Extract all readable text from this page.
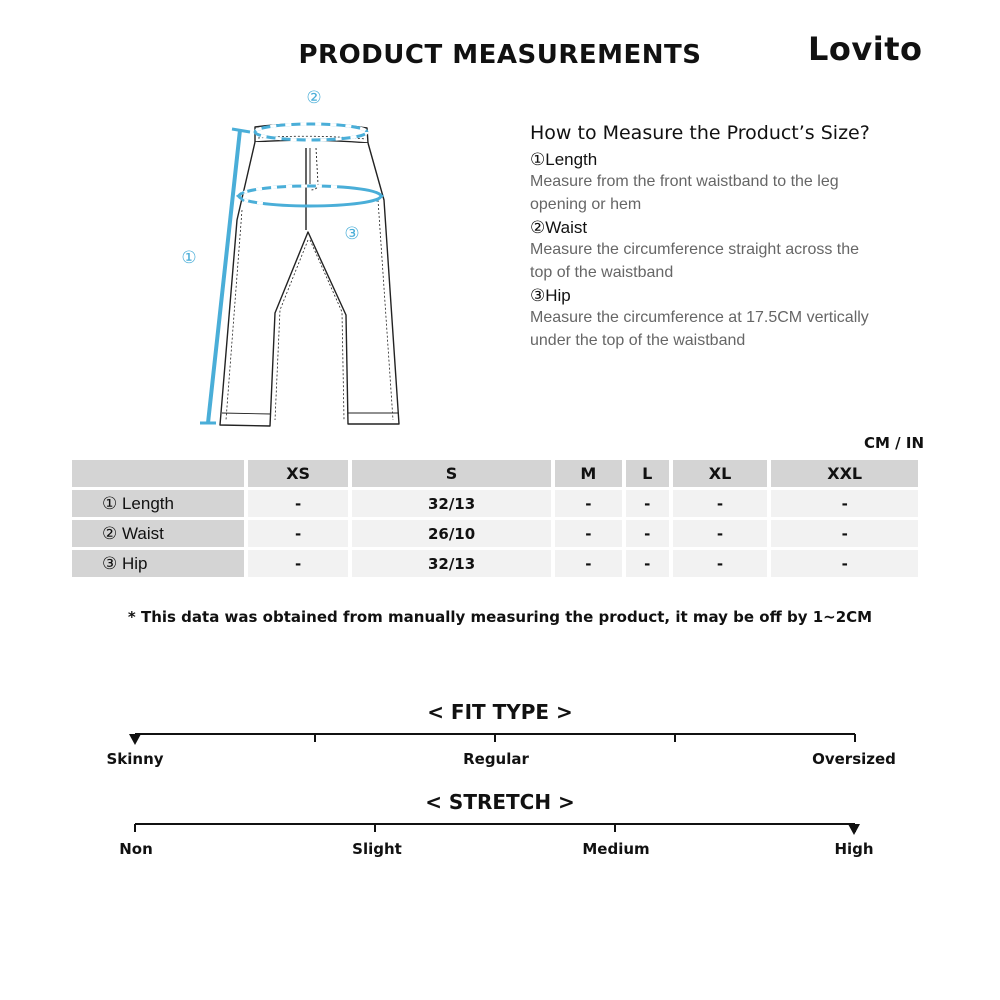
PRODUCT MEASUREMENTS	Lovito
①
②
③
How to Measure the Product’s Size?
①Length
Measure from the front waistband to the leg
opening or hem
②Waist
Measure the circumference straight across the
top of the waistband
③Hip
Measure the circumference at 17.5CM vertically
under the top of the waistband
CM / IN
	XS	S	M	L	XL	XXL
① Length	-	32/13	-	-	-	-
② Waist	-	26/10	-	-	-	-
③ Hip	-	32/13	-	-	-	-
* This data was obtained from manually measuring the product, it may be off by 1~2CM
< FIT TYPE >
Skinny	Regular	Oversized
< STRETCH >
Non	Slight	Medium	High
